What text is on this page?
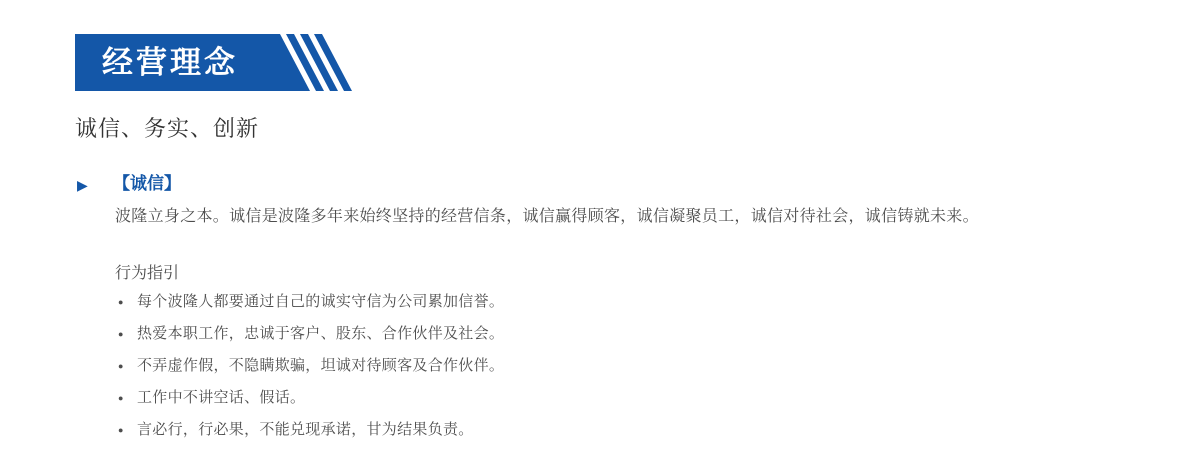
经营理念
诚信、务实、创新
▶	【诚信】

波隆立身之本。诚信是波隆多年来始终坚持的经营信条，诚信赢得顾客，诚信凝聚员工，诚信对待社会，诚信铸就未来。

行为指引

● 每个波隆人都要通过自己的诚实守信为公司累加信誉。
● 热爱本职工作，忠诚于客户、股东、合作伙伴及社会。
● 不弄虚作假，不隐瞒欺骗，坦诚对待顾客及合作伙伴。
● 工作中不讲空话、假话。
● 言必行，行必果，不能兑现承诺，甘为结果负责。
